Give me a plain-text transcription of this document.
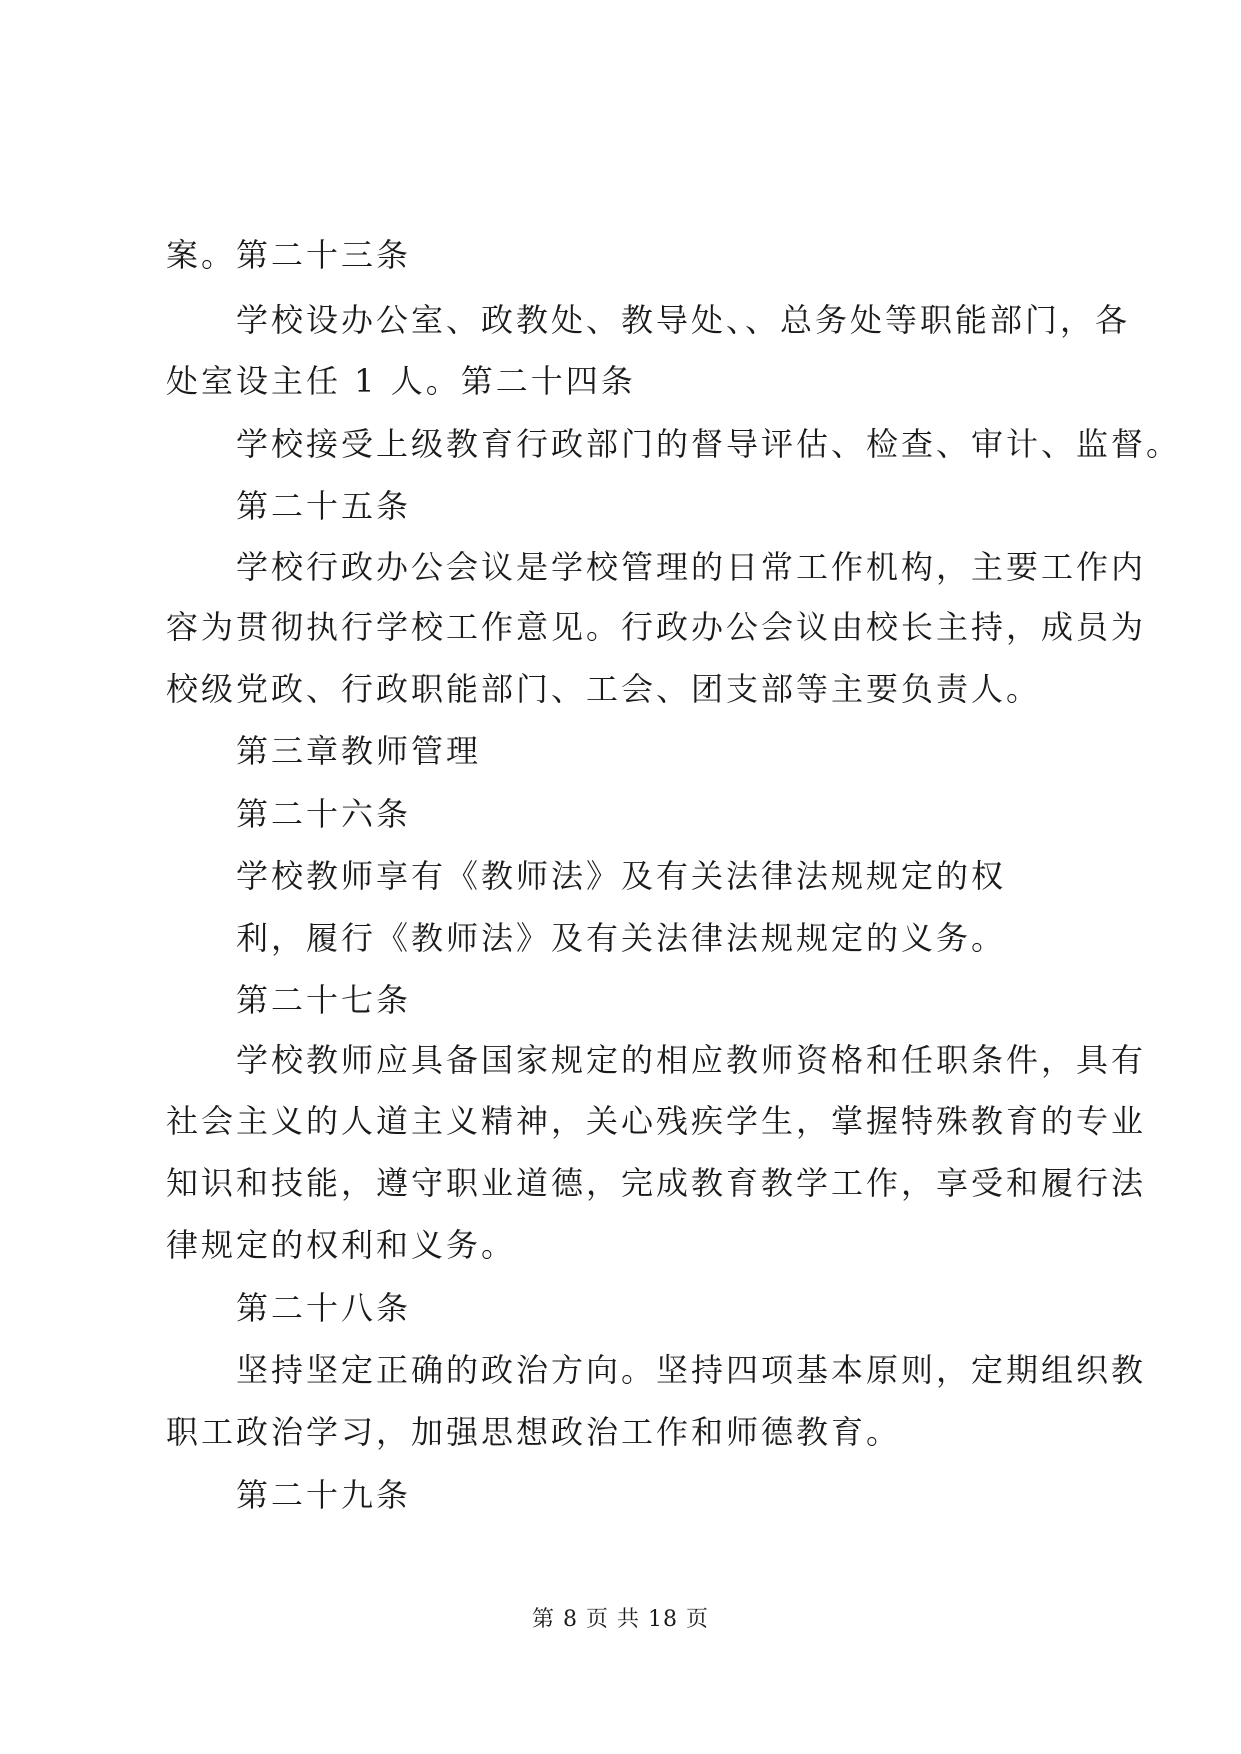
案。第二十三条
学校设办公室、政教处、教导处、、总务处等职能部门，各
处室设主任 1 人。第二十四条
学校接受上级教育行政部门的督导评估、检查、审计、监督。
第二十五条
学校行政办公会议是学校管理的日常工作机构，主要工作内
容为贯彻执行学校工作意见。行政办公会议由校长主持，成员为
校级党政、行政职能部门、工会、团支部等主要负责人。
第三章教师管理
第二十六条
学校教师享有《教师法》及有关法律法规规定的权
利，履行《教师法》及有关法律法规规定的义务。
第二十七条
学校教师应具备国家规定的相应教师资格和任职条件，具有
社会主义的人道主义精神，关心残疾学生，掌握特殊教育的专业
知识和技能，遵守职业道德，完成教育教学工作，享受和履行法
律规定的权利和义务。
第二十八条
坚持坚定正确的政治方向。坚持四项基本原则，定期组织教
职工政治学习，加强思想政治工作和师德教育。
第二十九条
第 8 页 共 18 页
